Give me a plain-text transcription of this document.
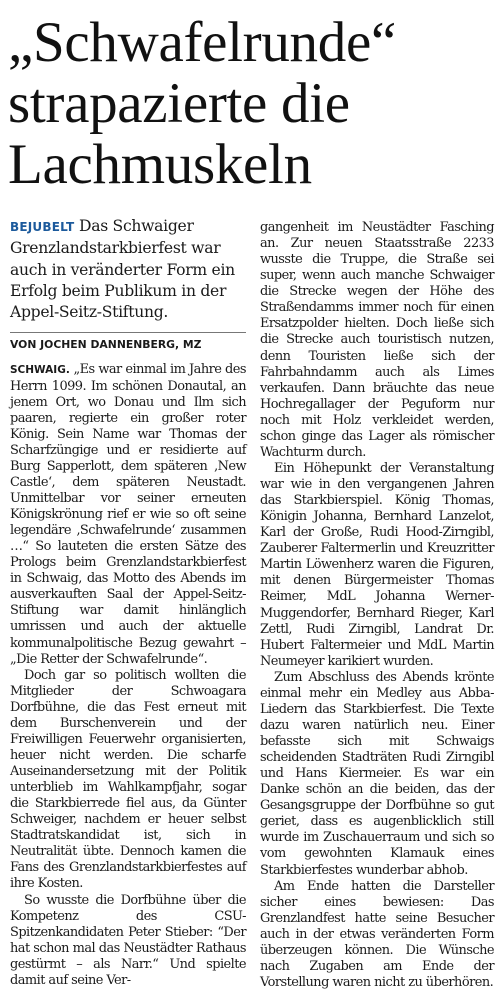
„Schwafelrunde“
strapazierte die
Lachmuskeln

BEJUBELT Das Schwaiger Grenzlandstarkbierfest war auch in veränderter Form ein Erfolg beim Publikum in der Appel-Seitz-Stiftung.

VON JOCHEN DANNENBERG, MZ

SCHWAIG. „Es war einmal im Jahre des Herrn 1099. Im schönen Donautal, an jenem Ort, wo Donau und Ilm sich paaren, regierte ein großer roter König. Sein Name war Thomas der Scharfzüngige und er residierte auf Burg Sapperlott, dem späteren ‚New Castle‘, dem späteren Neustadt. Unmittelbar vor seiner erneuten Königskrönung rief er wie so oft seine legendäre ‚Schwafelrunde‘ zusammen …“ So lauteten die ersten Sätze des Prologs beim Grenzlandstarkbierfest in Schwaig, das Motto des Abends im ausverkauften Saal der Appel-Seitz-Stiftung war damit hinlänglich umrissen und auch der aktuelle kommunalpolitische Bezug gewahrt – „Die Retter der Schwafelrunde“.

Doch gar so politisch wollten die Mitglieder der Schwoagara Dorfbühne, die das Fest erneut mit dem Burschenverein und der Freiwilligen Feuerwehr organisierten, heuer nicht werden. Die scharfe Auseinandersetzung mit der Politik unterblieb im Wahlkampfjahr, sogar die Starkbierrede fiel aus, da Günter Schweiger, nachdem er heuer selbst Stadtratskandidat ist, sich in Neutralität übte. Dennoch kamen die Fans des Grenzlandstarkbierfestes auf ihre Kosten.

So wusste die Dorfbühne über die Kompetenz des CSU-Spitzenkandidaten Peter Stieber: “Der hat schon mal das Neustädter Rathaus gestürmt – als Narr.“ Und spielte damit auf seine Ver-

gangenheit im Neustädter Fasching an. Zur neuen Staatsstraße 2233 wusste die Truppe, die Straße sei super, wenn auch manche Schwaiger die Strecke wegen der Höhe des Straßendamms immer noch für einen Ersatzpolder hielten. Doch ließe sich die Strecke auch touristisch nutzen, denn Touristen ließe sich der Fahrbahndamm auch als Limes verkaufen. Dann bräuchte das neue Hochregallager der Peguform nur noch mit Holz verkleidet werden, schon ginge das Lager als römischer Wachturm durch.

Ein Höhepunkt der Veranstaltung war wie in den vergangenen Jahren das Starkbierspiel. König Thomas, Königin Johanna, Bernhard Lanzelot, Karl der Große, Rudi Hood-Zirngibl, Zauberer Faltermerlin und Kreuzritter Martin Löwenherz waren die Figuren, mit denen Bürgermeister Thomas Reimer, MdL Johanna Werner-Muggendorfer, Bernhard Rieger, Karl Zettl, Rudi Zirngibl, Landrat Dr. Hubert Faltermeier und MdL Martin Neumeyer karikiert wurden.

Zum Abschluss des Abends krönte einmal mehr ein Medley aus Abba-Liedern das Starkbierfest. Die Texte dazu waren natürlich neu. Einer befasste sich mit Schwaigs scheidenden Stadträten Rudi Zirngibl und Hans Kiermeier. Es war ein Danke schön an die beiden, das der Gesangsgruppe der Dorfbühne so gut geriet, dass es augenblicklich still wurde im Zuschauerraum und sich so vom gewohnten Klamauk eines Starkbierfestes wunderbar abhob.

Am Ende hatten die Darsteller sicher eines bewiesen: Das Grenzlandfest hatte seine Besucher auch in der etwas veränderten Form überzeugen können. Die Wünsche nach Zugaben am Ende der Vorstellung waren nicht zu überhören.
